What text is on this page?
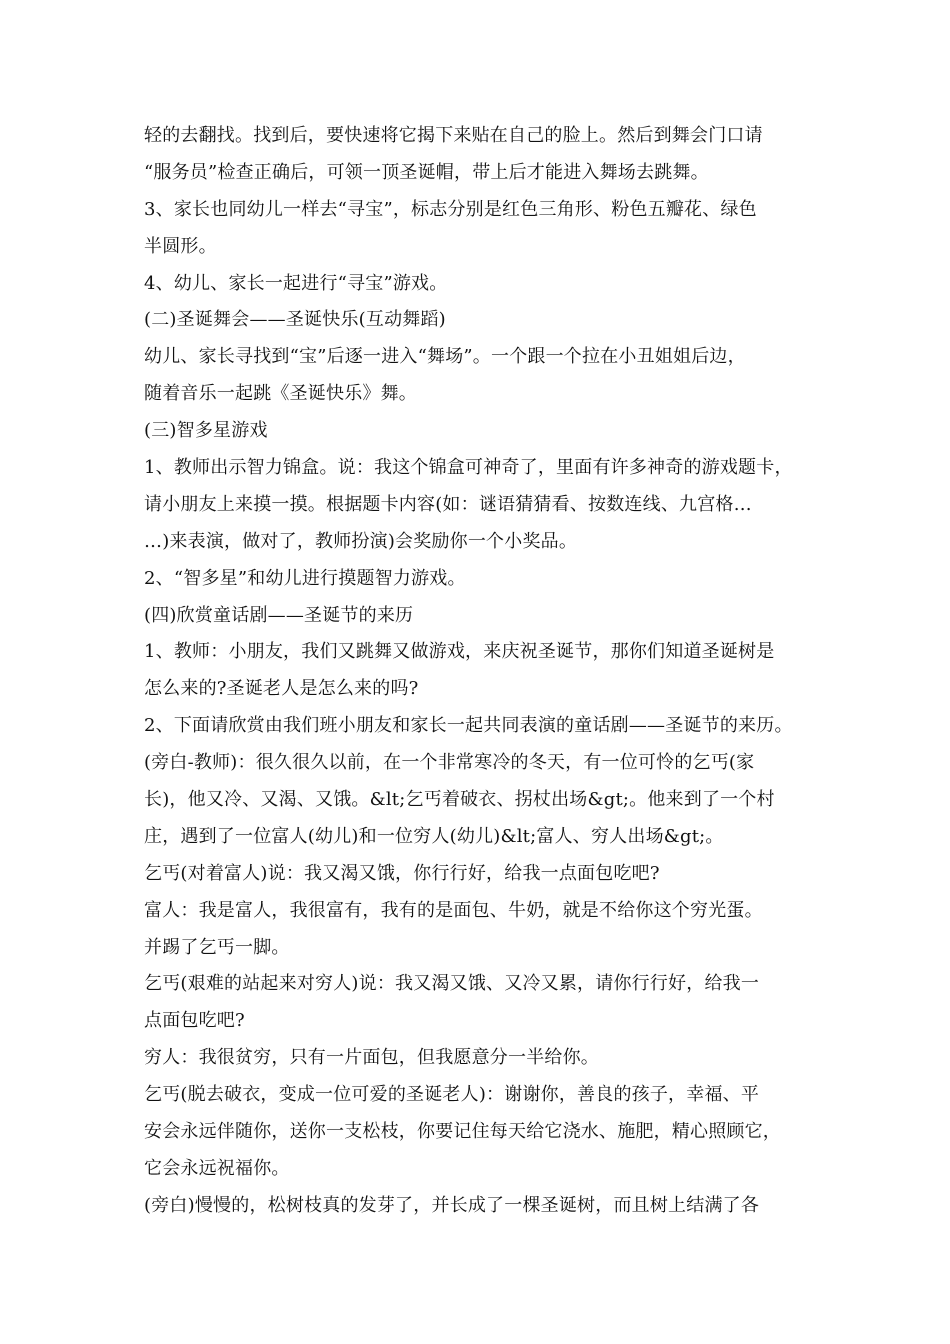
轻的去翻找。找到后，要快速将它揭下来贴在自己的脸上。然后到舞会门口请
“服务员”检查正确后，可领一顶圣诞帽，带上后才能进入舞场去跳舞。
3、家长也同幼儿一样去“寻宝”，标志分别是红色三角形、粉色五瓣花、绿色
半圆形。
4、幼儿、家长一起进行“寻宝”游戏。
(二)圣诞舞会——圣诞快乐(互动舞蹈)
幼儿、家长寻找到“宝”后逐一进入“舞场”。一个跟一个拉在小丑姐姐后边，
随着音乐一起跳《圣诞快乐》舞。
(三)智多星游戏
1、教师出示智力锦盒。说：我这个锦盒可神奇了，里面有许多神奇的游戏题卡，
请小朋友上来摸一摸。根据题卡内容(如：谜语猜猜看、按数连线、九宫格…
…)来表演，做对了，教师扮演)会奖励你一个小奖品。
2、“智多星”和幼儿进行摸题智力游戏。
(四)欣赏童话剧——圣诞节的来历
1、教师：小朋友，我们又跳舞又做游戏，来庆祝圣诞节，那你们知道圣诞树是
怎么来的?圣诞老人是怎么来的吗?
2、下面请欣赏由我们班小朋友和家长一起共同表演的童话剧——圣诞节的来历。
(旁白-教师)：很久很久以前，在一个非常寒冷的冬天，有一位可怜的乞丐(家
长)，他又冷、又渴、又饿。&lt;乞丐着破衣、拐杖出场&gt;。他来到了一个村
庄，遇到了一位富人(幼儿)和一位穷人(幼儿)&lt;富人、穷人出场&gt;。
乞丐(对着富人)说：我又渴又饿，你行行好，给我一点面包吃吧?
富人：我是富人，我很富有，我有的是面包、牛奶，就是不给你这个穷光蛋。
并踢了乞丐一脚。
乞丐(艰难的站起来对穷人)说：我又渴又饿、又冷又累，请你行行好，给我一
点面包吃吧?
穷人：我很贫穷，只有一片面包，但我愿意分一半给你。
乞丐(脱去破衣，变成一位可爱的圣诞老人)：谢谢你，善良的孩子，幸福、平
安会永远伴随你，送你一支松枝，你要记住每天给它浇水、施肥，精心照顾它，
它会永远祝福你。
(旁白)慢慢的，松树枝真的发芽了，并长成了一棵圣诞树，而且树上结满了各
